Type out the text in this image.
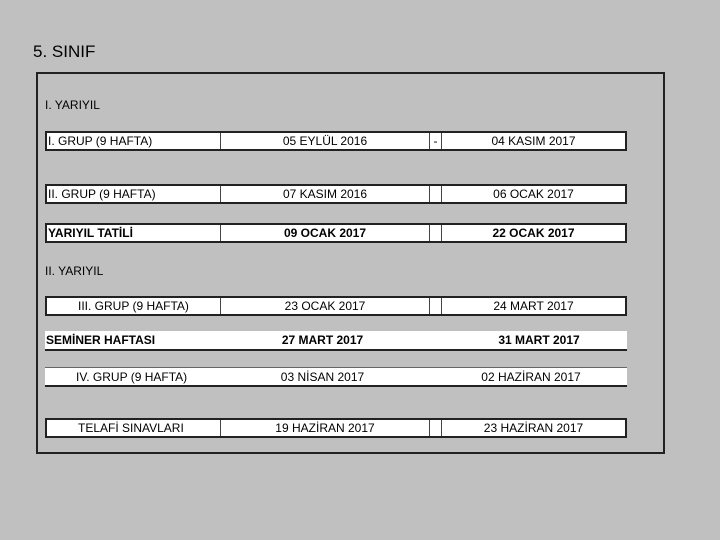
5. SINIF
I. YARIYIL
II. YARIYIL
I. GRUP (9 HAFTA)	05 EYLÜL 2016	-	04 KASIM 2017
II. GRUP (9 HAFTA)	07 KASIM 2016	06 OCAK 2017
YARIYIL TATİLİ	09 OCAK 2017	22 OCAK 2017
III. GRUP (9 HAFTA)	23 OCAK 2017	24 MART 2017
SEMİNER HAFTASI	27 MART 2017	31 MART 2017
IV. GRUP (9 HAFTA)	03 NİSAN 2017	02 HAZİRAN 2017
TELAFİ SINAVLARI	19 HAZİRAN 2017	23 HAZİRAN 2017
